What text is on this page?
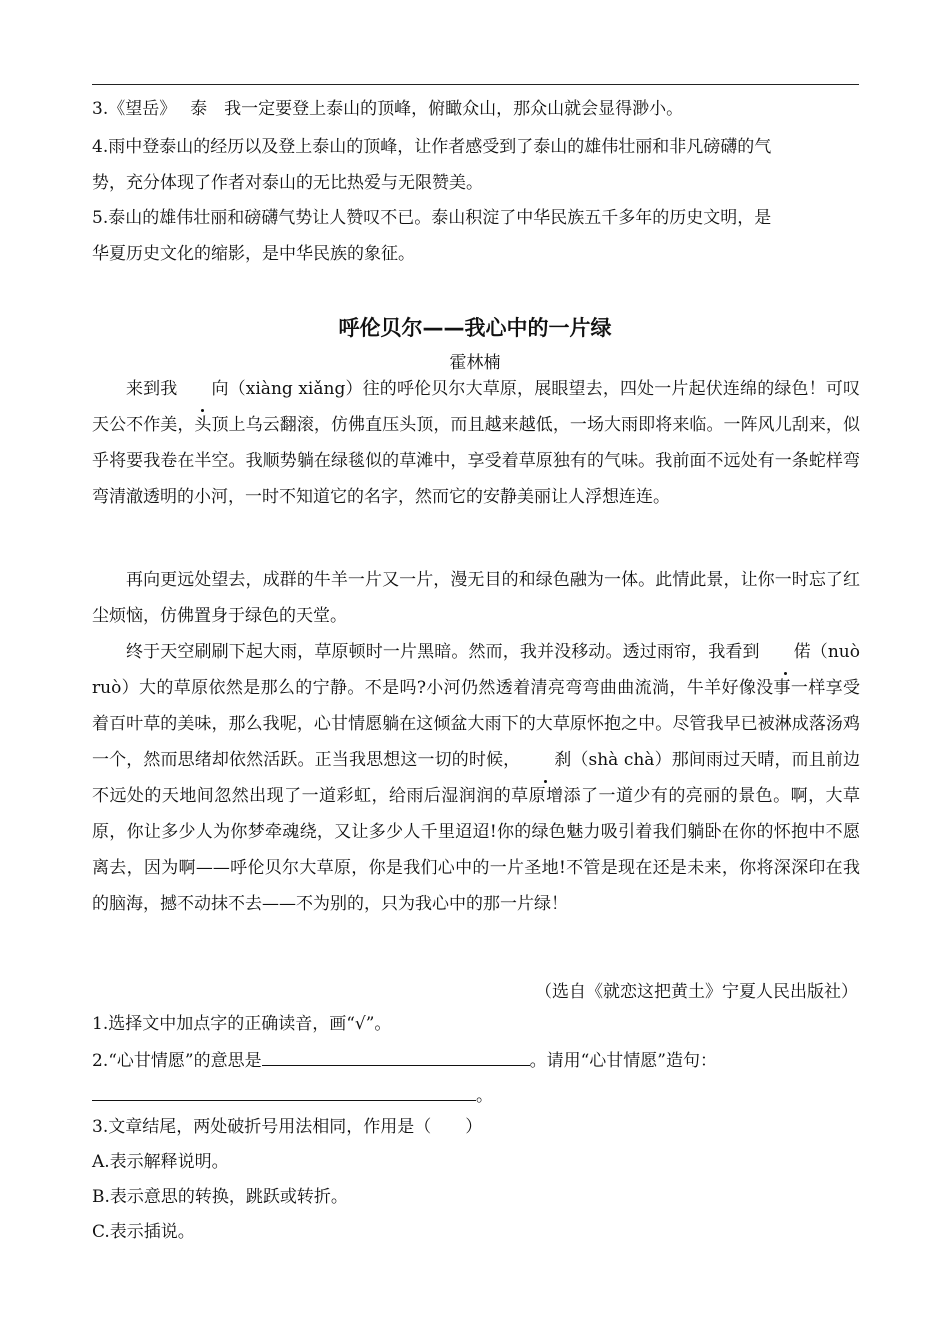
3.《望岳》　 泰　我一定要登上泰山的顶峰，俯瞰众山，那众山就会显得渺小。
4.雨中登泰山的经历以及登上泰山的顶峰，让作者感受到了泰山的雄伟壮丽和非凡磅礴的气
势，充分体现了作者对泰山的无比热爱与无限赞美。
5.泰山的雄伟壮丽和磅礴气势让人赞叹不已。泰山积淀了中华民族五千多年的历史文明，是
华夏历史文化的缩影，是中华民族的象征。
呼伦贝尔——我心中的一片绿
霍林楠
来到我 向（xiàng xiǎng）往的呼伦贝尔大草原，展眼望去，四处一片起伏连绵的绿色！可叹天公不作美，头顶上乌云翻滚，仿佛直压头顶，而且越来越低，一场大雨即将来临。一阵风儿刮来，似乎将要我卷在半空。我顺势躺在绿毯似的草滩中，享受着草原独有的气味。我前面不远处有一条蛇样弯弯清澈透明的小河，一时不知道它的名字，然而它的安静美丽让人浮想连连。
再向更远处望去，成群的牛羊一片又一片，漫无目的和绿色融为一体。此情此景，让你一时忘了红尘烦恼，仿佛置身于绿色的天堂。
终于天空刷刷下起大雨，草原顿时一片黑暗。然而，我并没移动。透过雨帘，我看到 偌（nuò ruò）大的草原依然是那么的宁静。不是吗?小河仍然透着清亮弯弯曲曲流淌，牛羊好像没事一样享受着百叶草的美味，那么我呢，心甘情愿躺在这倾盆大雨下的大草原怀抱之中。尽管我早已被淋成落汤鸡一个，然而思绪却依然活跃。正当我思想这一切的时候， 刹（shà chà）那间雨过天晴，而且前边不远处的天地间忽然出现了一道彩虹，给雨后湿润润的草原增添了一道少有的亮丽的景色。啊，大草原，你让多少人为你梦牵魂绕，又让多少人千里迢迢!你的绿色魅力吸引着我们躺卧在你的怀抱中不愿离去，因为啊——呼伦贝尔大草原，你是我们心中的一片圣地!不管是现在还是未来，你将深深印在我的脑海，撼不动抹不去——不为别的，只为我心中的那一片绿！
（选自《就恋这把黄土》宁夏人民出版社）
1.选择文中加点字的正确读音，画“√”。
2.“心甘情愿”的意思是	。请用“心甘情愿”造句：
。
3.文章结尾，两处破折号用法相同，作用是（　　）
A.表示解释说明。
B.表示意思的转换，跳跃或转折。
C.表示插说。
